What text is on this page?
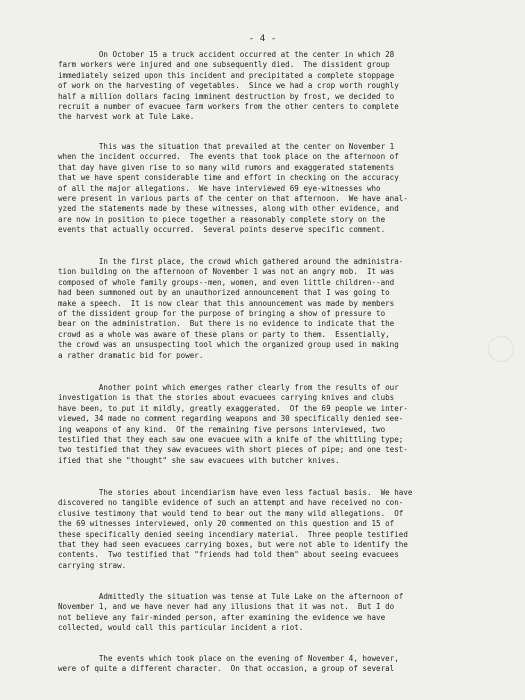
- 4 -
On October 15 a truck accident occurred at the center in which 28
farm workers were injured and one subsequently died.  The dissident group
immediately seized upon this incident and precipitated a complete stoppage
of work on the harvesting of vegetables.  Since we had a crop worth roughly
half a million dollars facing imminent destruction by frost, we decided to
recruit a number of evacuee farm workers from the other centers to complete
the harvest work at Tule Lake.
This was the situation that prevailed at the center on November 1
when the incident occurred.  The events that took place on the afternoon of
that day have given rise to so many wild rumors and exaggerated statements
that we have spent considerable time and effort in checking on the accuracy
of all the major allegations.  We have interviewed 69 eye-witnesses who
were present in various parts of the center on that afternoon.  We have anal-
yzed the statements made by these witnesses, along with other evidence, and
are now in position to piece together a reasonably complete story on the
events that actually occurred.  Several points deserve specific comment.
In the first place, the crowd which gathered around the administra-
tion building on the afternoon of November 1 was not an angry mob.  It was
composed of whole family groups--men, women, and even little children--and
had been summoned out by an unauthorized announcement that I was going to
make a speech.  It is now clear that this announcement was made by members
of the dissident group for the purpose of bringing a show of pressure to
bear on the administration.  But there is no evidence to indicate that the
crowd as a whole was aware of these plans or party to them.  Essentially,
the crowd was an unsuspecting tool which the organized group used in making
a rather dramatic bid for power.
Another point which emerges rather clearly from the results of our
investigation is that the stories about evacuees carrying knives and clubs
have been, to put it mildly, greatly exaggerated.  Of the 69 people we inter-
viewed, 34 made no comment regarding weapons and 30 specifically denied see-
ing weapons of any kind.  Of the remaining five persons interviewed, two
testified that they each saw one evacuee with a knife of the whittling type;
two testified that they saw evacuees with short pieces of pipe; and one test-
ified that she "thought" she saw evacuees with butcher knives.
The stories about incendiarism have even less factual basis.  We have
discovered no tangible evidence of such an attempt and have received no con-
clusive testimony that would tend to bear out the many wild allegations.  Of
the 69 witnesses interviewed, only 20 commented on this question and 15 of
these specifically denied seeing incendiary material.  Three people testified
that they had seen evacuees carrying boxes, but were not able to identify the
contents.  Two testified that "friends had told them" about seeing evacuees
carrying straw.
Admittedly the situation was tense at Tule Lake on the afternoon of
November 1, and we have never had any illusions that it was not.  But I do
not believe any fair-minded person, after examining the evidence we have
collected, would call this particular incident a riot.
The events which took place on the evening of November 4, however,
were of quite a different character.  On that occasion, a group of several
